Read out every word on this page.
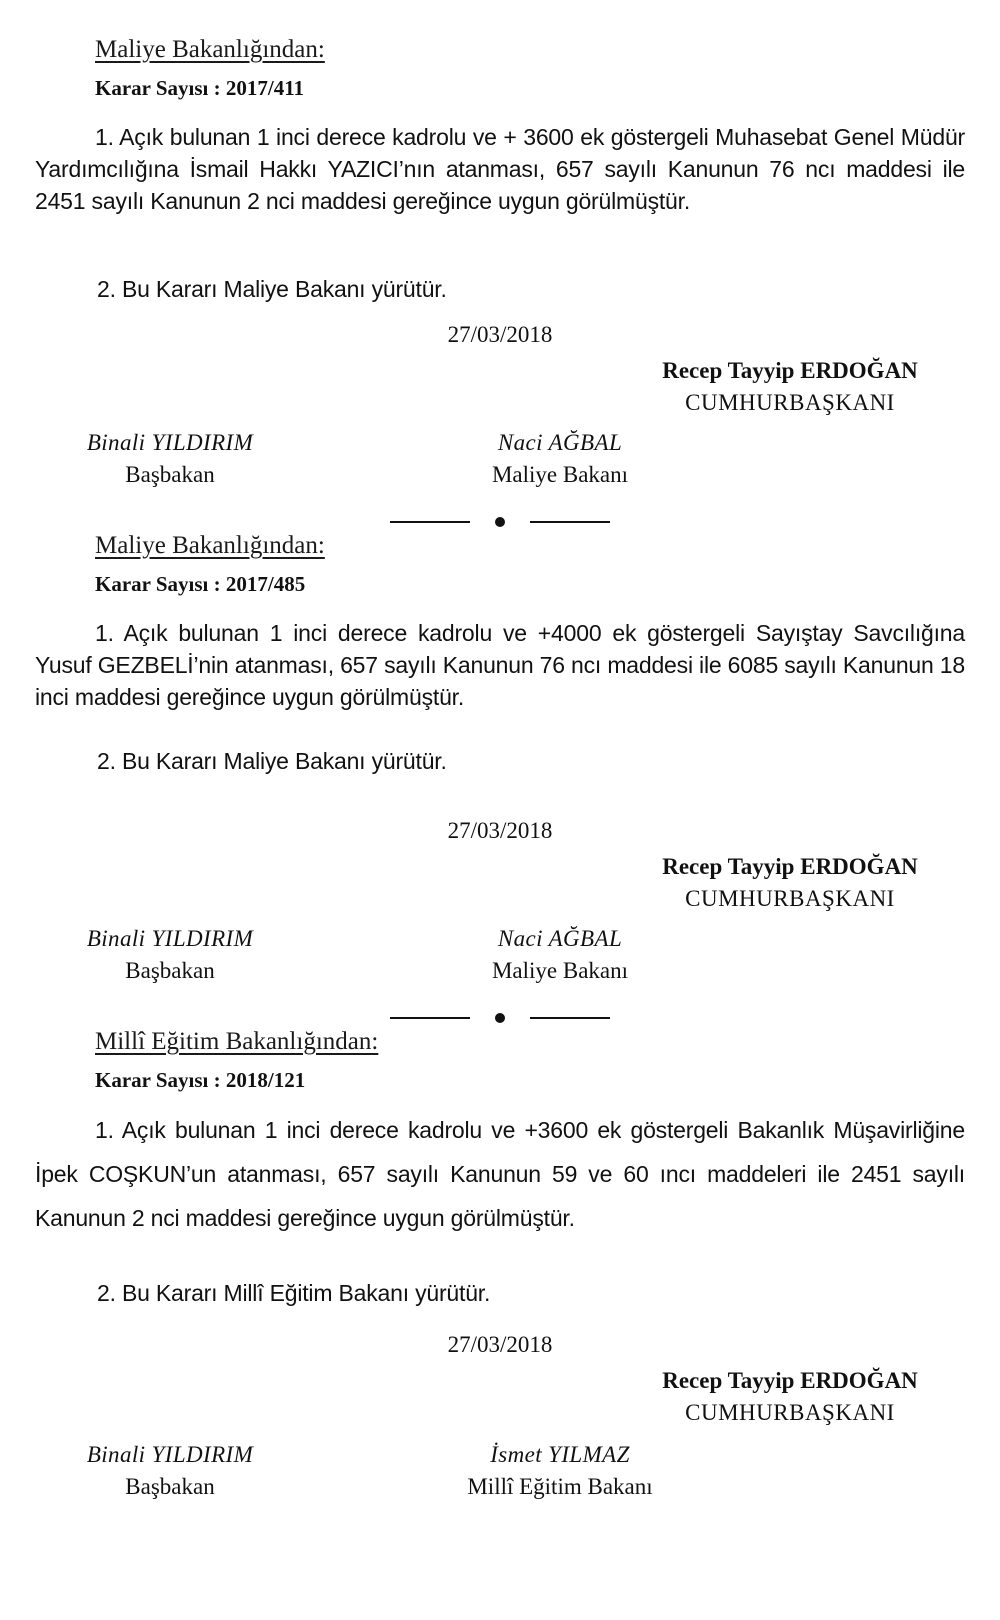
Maliye Bakanlığından:
Karar Sayısı : 2017/411

1. Açık bulunan 1 inci derece kadrolu ve + 3600 ek göstergeli Muhasebat Genel Müdür Yardımcılığına İsmail Hakkı YAZICI’nın atanması, 657 sayılı Kanunun 76 ncı maddesi ile 2451 sayılı Kanunun 2 nci maddesi gereğince uygun görülmüştür.

2. Bu Kararı Maliye Bakanı yürütür.
27/03/2018
Recep Tayyip ERDOĞAN
CUMHURBAŞKANI
Binali YILDIRIM
Başbakan
Naci AĞBAL
Maliye Bakanı
Maliye Bakanlığından:
Karar Sayısı : 2017/485

1. Açık bulunan 1 inci derece kadrolu ve +4000 ek göstergeli Sayıştay Savcılığına Yusuf GEZBELİ’nin atanması, 657 sayılı Kanunun 76 ncı maddesi ile 6085 sayılı Kanunun 18 inci maddesi gereğince uygun görülmüştür.

2. Bu Kararı Maliye Bakanı yürütür.
27/03/2018
Recep Tayyip ERDOĞAN
CUMHURBAŞKANI
Binali YILDIRIM
Başbakan
Naci AĞBAL
Maliye Bakanı
Millî Eğitim Bakanlığından:
Karar Sayısı : 2018/121

1. Açık bulunan 1 inci derece kadrolu ve +3600 ek göstergeli Bakanlık Müşavirliğine İpek COŞKUN’un atanması, 657 sayılı Kanunun 59 ve 60 ıncı maddeleri ile 2451 sayılı Kanunun 2 nci maddesi gereğince uygun görülmüştür.

2. Bu Kararı Millî Eğitim Bakanı yürütür.
27/03/2018
Recep Tayyip ERDOĞAN
CUMHURBAŞKANI
Binali YILDIRIM
Başbakan
İsmet YILMAZ
Millî Eğitim Bakanı
